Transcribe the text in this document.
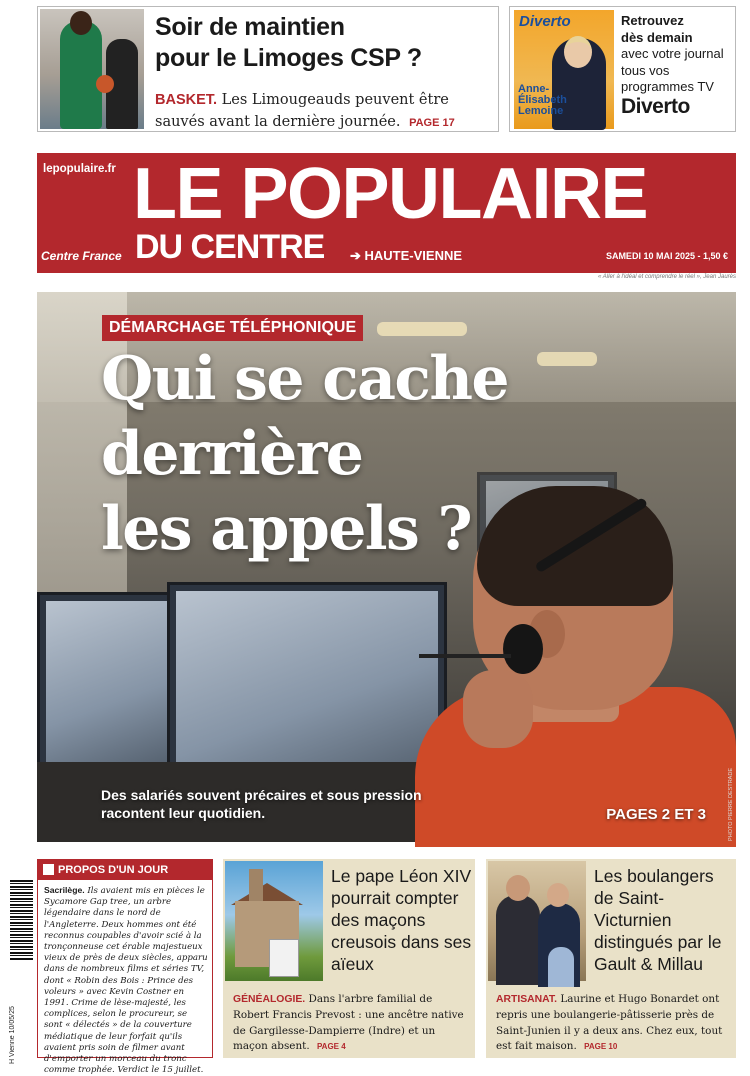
Soir de maintien
pour le Limoges CSP ?
BASKET. Les Limougeauds peuvent être sauvés avant la dernière journée. PAGE 17
Diverto
Anne-Élisabeth Lemoine
Retrouvez
dès demain
avec votre journal
tous vos
programmes TV
Diverto
lepopulaire.fr LE POPULAIRE
DU CENTRE ➔ HAUTE-VIENNE
Centre France	SAMEDI 10 MAI 2025 - 1,50 €
« Aller à l'idéal et comprendre le réel », Jean Jaurès
DÉMARCHAGE TÉLÉPHONIQUE
Qui se cache
derrière
les appels ?
Des salariés souvent précaires et sous pression racontent leur quotidien.	PAGES 2 ET 3	PHOTO PIERRE DESTRADE
H Vienne 10/05/25
PROPOS D'UN JOUR
Sacrilège. Ils avaient mis en pièces le Sycamore Gap tree, un arbre légendaire dans le nord de l'Angleterre. Deux hommes ont été reconnus coupables d'avoir scié à la tronçonneuse cet érable majestueux vieux de près de deux siècles, apparu dans de nombreux films et séries TV, dont « Robin des Bois : Prince des voleurs » avec Kevin Costner en 1991. Crime de lèse-majesté, les complices, selon le procureur, se sont « délectés » de la couverture médiatique de leur forfait qu'ils avaient pris soin de filmer avant d'emporter un morceau du tronc comme trophée. Verdict le 15 juillet.
Le pape Léon XIV pourrait compter des maçons creusois dans ses aïeux
GÉNÉALOGIE. Dans l'arbre familial de Robert Francis Prevost : une ancêtre native de Gargilesse-Dampierre (Indre) et un maçon absent. PAGE 4
Les boulangers de Saint-Victurnien distingués par le Gault & Millau
ARTISANAT. Laurine et Hugo Bonardet ont repris une boulangerie-pâtisserie près de Saint-Junien il y a deux ans. Chez eux, tout est fait maison. PAGE 10
